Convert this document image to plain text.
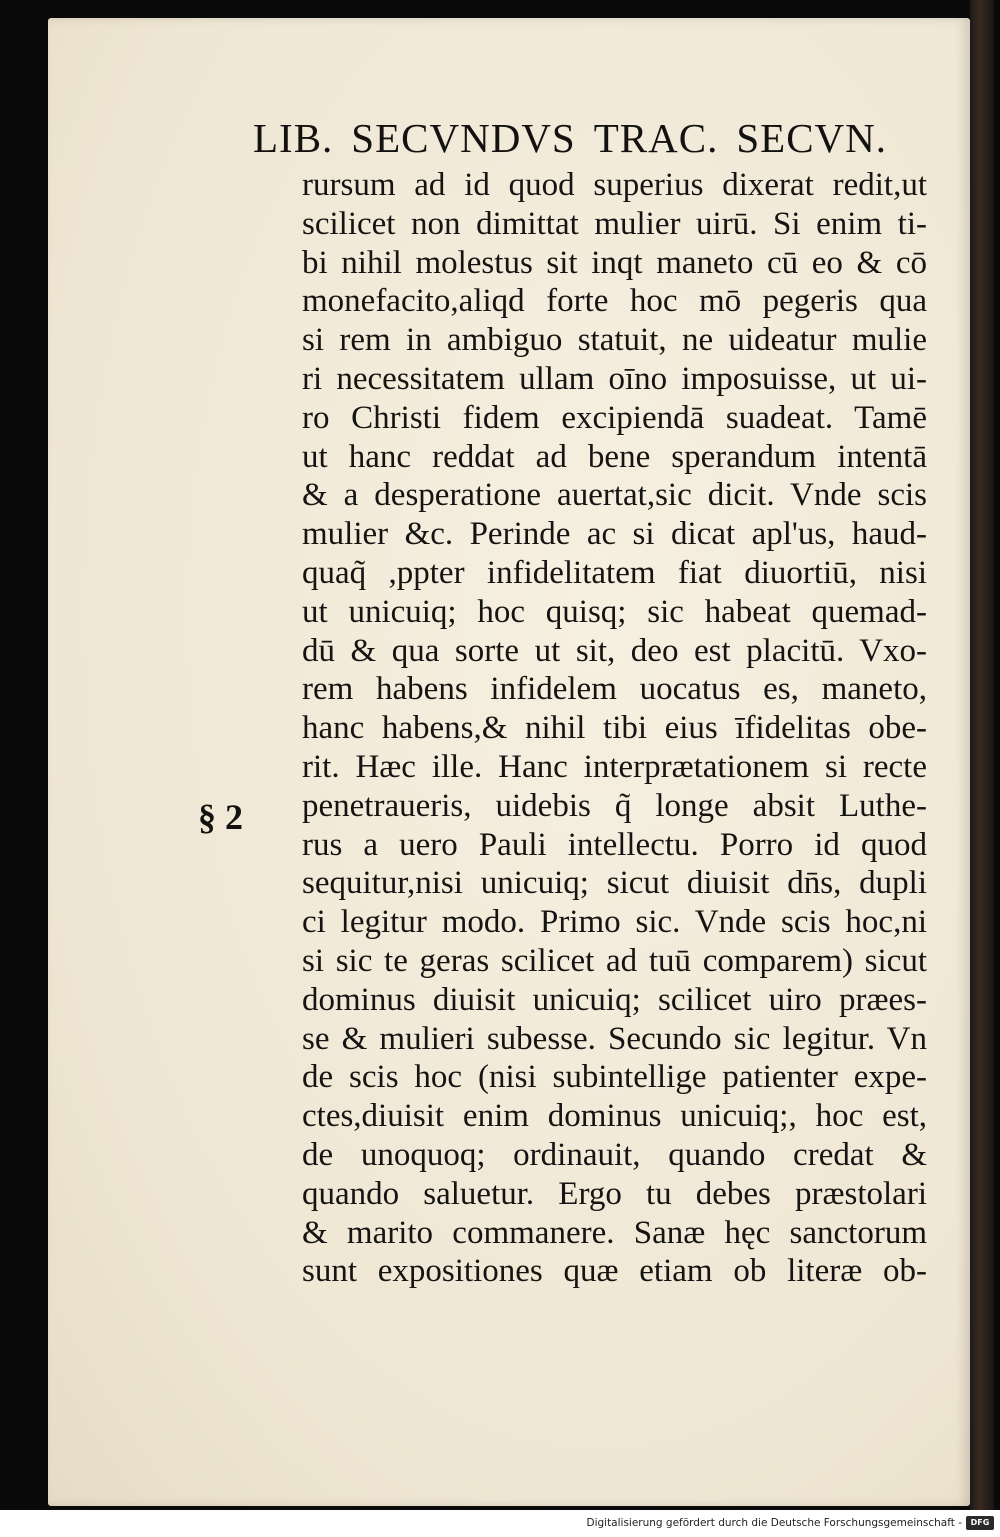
LIB. SECVNDVS TRAC. SECVN.
§ 2
rursum ad id quod superius dixerat redit,ut
scilicet non dimittat mulier uirū. Si enim ti-
bi nihil molestus sit inqt maneto cū eo & cō
monefacito,aliqd forte hoc mō pegeris qua
si rem in ambiguo statuit, ne uideatur mulie
ri necessitatem ullam oīno imposuisse, ut ui-
ro Christi fidem excipiendā suadeat. Tamē
ut hanc reddat ad bene sperandum intentā
& a desperatione auertat,sic dicit. Vnde scis
mulier &c. Perinde ac si dicat apl'us, haud-
quaq̃ ,ppter infidelitatem fiat diuortiū, nisi
ut unicuiq; hoc quisq; sic habeat quemad-
dū & qua sorte ut sit, deo est placitū. Vxo-
rem habens infidelem uocatus es, maneto,
hanc habens,& nihil tibi eius īfidelitas obe-
rit. Hæc ille. Hanc interprætationem si recte
penetraueris, uidebis q̃ longe absit Luthe-
rus a uero Pauli intellectu. Porro id quod
sequitur,nisi unicuiq; sicut diuisit dn̄s, dupli
ci legitur modo. Primo sic. Vnde scis hoc,ni
si sic te geras scilicet ad tuū comparem) sicut
dominus diuisit unicuiq; scilicet uiro præes-
se & mulieri subesse. Secundo sic legitur. Vn
de scis hoc (nisi subintellige patienter expe-
ctes,diuisit enim dominus unicuiq;, hoc est,
de unoquoq; ordinauit, quando credat &
quando saluetur. Ergo tu debes præstolari
& marito commanere. Sanæ hęc sanctorum
sunt expositiones quæ etiam ob literæ ob-
Digitalisierung gefördert durch die Deutsche Forschungsgemeinschaft -	DFG
